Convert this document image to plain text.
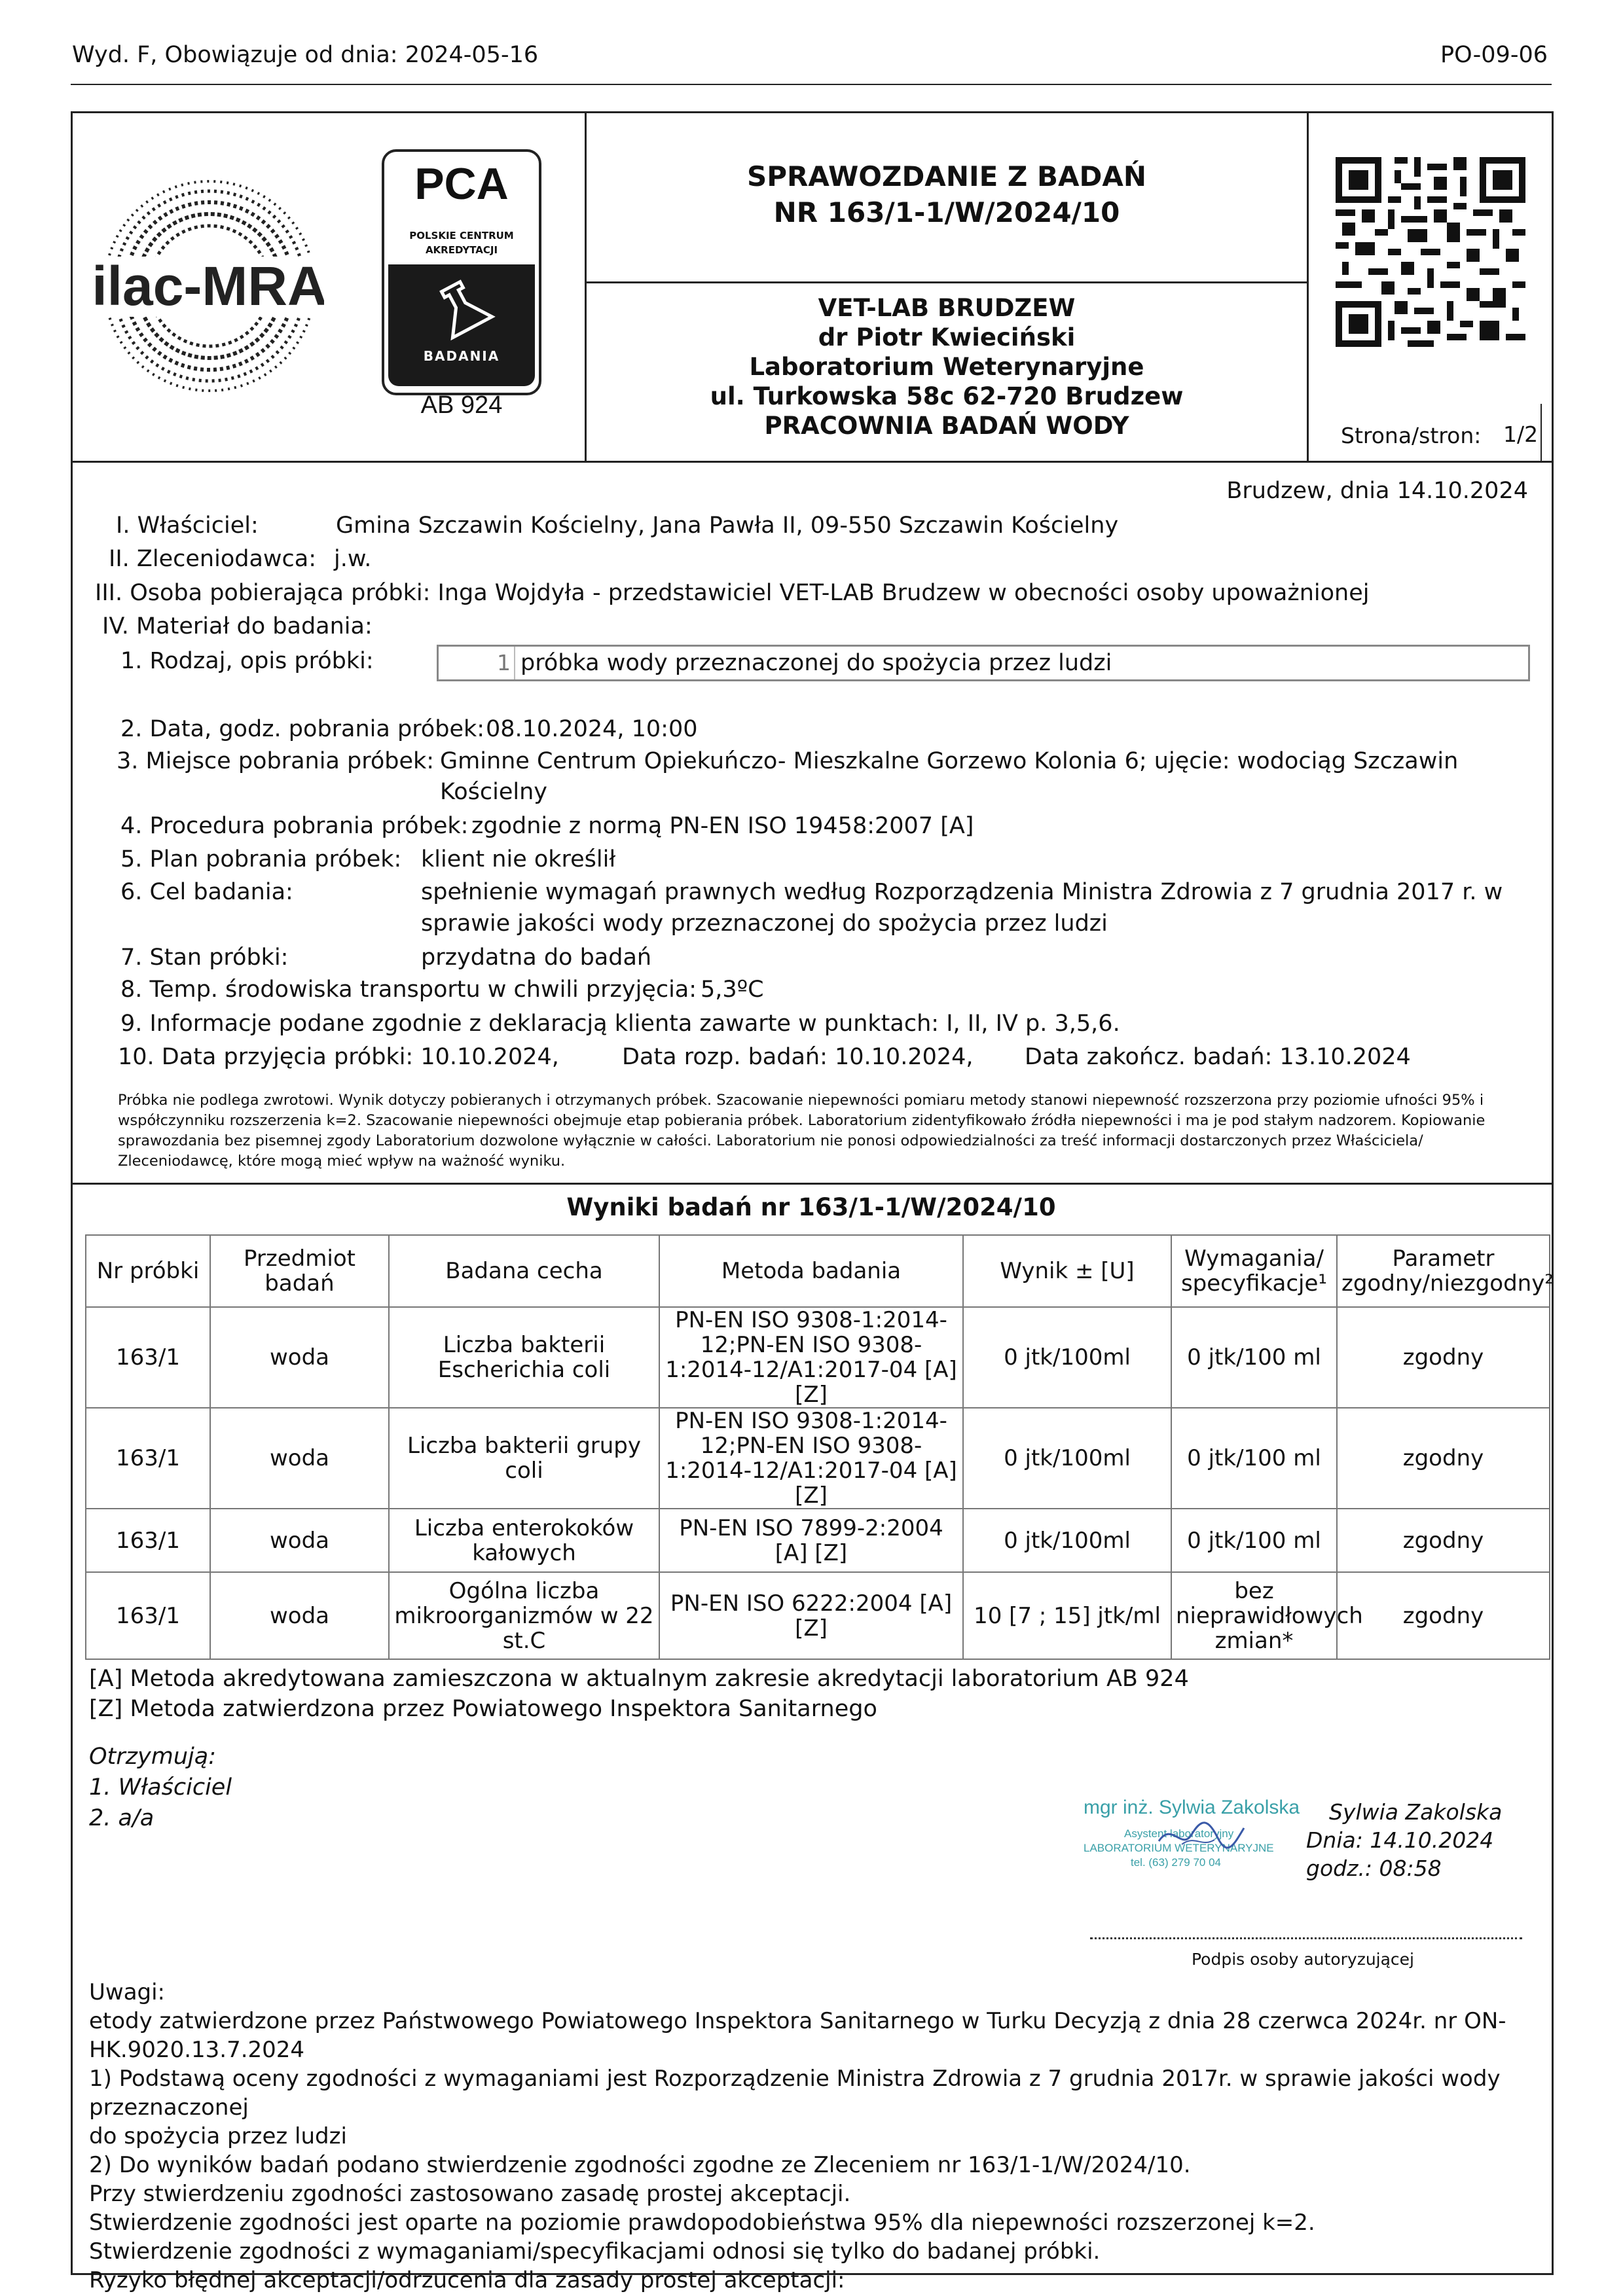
Wyd. F, Obowiązuje od dnia: 2024-05-16	PO-09-06
ilac-MRA
PCA
POLSKIE CENTRUM
AKREDYTACJI
BADANIA
AB 924
SPRAWOZDANIE Z BADAŃ
NR 163/1-1/W/2024/10
VET-LAB BRUDZEW
dr Piotr Kwieciński
Laboratorium Weterynaryjne
ul. Turkowska 58c 62-720 Brudzew
PRACOWNIA BADAŃ WODY	Strona/stron: 1/2
Brudzew, dnia 14.10.2024
I. Właściciel:	Gmina Szczawin Kościelny, Jana Pawła II, 09-550 Szczawin Kościelny
II. Zleceniodawca: j.w.
III. Osoba pobierająca próbki: Inga Wojdyła - przedstawiciel VET-LAB Brudzew w obecności osoby upoważnionej
IV. Materiał do badania:
1. Rodzaj, opis próbki:	1 próbka wody przeznaczonej do spożycia przez ludzi
2. Data, godz. pobrania próbek: 08.10.2024, 10:00
3. Miejsce pobrania próbek: Gminne Centrum Opiekuńczo- Mieszkalne Gorzewo Kolonia 6; ujęcie: wodociąg Szczawin
Kościelny
4. Procedura pobrania próbek: zgodnie z normą PN-EN ISO 19458:2007 [A]
5. Plan pobrania próbek: klient nie określił
6. Cel badania:	spełnienie wymagań prawnych według Rozporządzenia Ministra Zdrowia z 7 grudnia 2017 r. w
sprawie jakości wody przeznaczonej do spożycia przez ludzi
7. Stan próbki:	przydatna do badań
8. Temp. środowiska transportu w chwili przyjęcia: 5,3ºC
9. Informacje podane zgodnie z deklaracją klienta zawarte w punktach: I, II, IV p. 3,5,6.
10. Data przyjęcia próbki: 10.10.2024,	Data rozp. badań: 10.10.2024, Data zakończ. badań: 13.10.2024
Próbka nie podlega zwrotowi. Wynik dotyczy pobieranych i otrzymanych próbek. Szacowanie niepewności pomiaru metody stanowi niepewność rozszerzona przy poziomie ufności 95% i
współczynniku rozszerzenia k=2. Szacowanie niepewności obejmuje etap pobierania próbek. Laboratorium zidentyfikowało źródła niepewności i ma je pod stałym nadzorem. Kopiowanie
sprawozdania bez pisemnej zgody Laboratorium dozwolone wyłącznie w całości. Laboratorium nie ponosi odpowiedzialności za treść informacji dostarczonych przez Właściciela/
Zleceniodawcę, które mogą mieć wpływ na ważność wyniku.
Wyniki badań nr 163/1-1/W/2024/10
Nr próbki	Przedmiot badań	Badana cecha	Metoda badania	Wynik ± [U]	Wymagania/ specyfikacje¹	Parametr zgodny/niezgodny²
163/1	woda	Liczba bakterii Escherichia coli	PN-EN ISO 9308-1:2014-12;PN-EN ISO 9308-1:2014-12/A1:2017-04 [A] [Z]	0 jtk/100ml	0 jtk/100 ml	zgodny
163/1	woda	Liczba bakterii grupy coli	PN-EN ISO 9308-1:2014-12;PN-EN ISO 9308-1:2014-12/A1:2017-04 [A] [Z]	0 jtk/100ml	0 jtk/100 ml	zgodny
163/1	woda	Liczba enterokoków kałowych	PN-EN ISO 7899-2:2004 [A] [Z]	0 jtk/100ml	0 jtk/100 ml	zgodny
163/1	woda	Ogólna liczba mikroorganizmów w 22 st.C	PN-EN ISO 6222:2004 [A] [Z]	10 [7 ; 15] jtk/ml	bez nieprawidłowych zmian*	zgodny
[A] Metoda akredytowana zamieszczona w aktualnym zakresie akredytacji laboratorium AB 924
[Z] Metoda zatwierdzona przez Powiatowego Inspektora Sanitarnego
Otrzymują:
1. Właściciel
2. a/a	mgr inż. Sylwia Zakolska
Asystent laboratoryjny
LABORATORIUM WETERYNARYJNE
tel. (63) 279 70 04
Sylwia Zakolska
Dnia: 14.10.2024
godz.: 08:58
Podpis osoby autoryzującej
Uwagi:
etody zatwierdzone przez Państwowego Powiatowego Inspektora Sanitarnego w Turku Decyzją z dnia 28 czerwca 2024r. nr ON-
HK.9020.13.7.2024
1) Podstawą oceny zgodności z wymaganiami jest Rozporządzenie Ministra Zdrowia z 7 grudnia 2017r. w sprawie jakości wody przeznaczonej
do spożycia przez ludzi
2) Do wyników badań podano stwierdzenie zgodności zgodne ze Zleceniem nr 163/1-1/W/2024/10.
Przy stwierdzeniu zgodności zastosowano zasadę prostej akceptacji.
Stwierdzenie zgodności jest oparte na poziomie prawdopodobieństwa 95% dla niepewności rozszerzonej k=2.
Stwierdzenie zgodności z wymaganiami/specyfikacjami odnosi się tylko do badanej próbki.
Ryzyko błędnej akceptacji/odrzucenia dla zasady prostej akceptacji:
